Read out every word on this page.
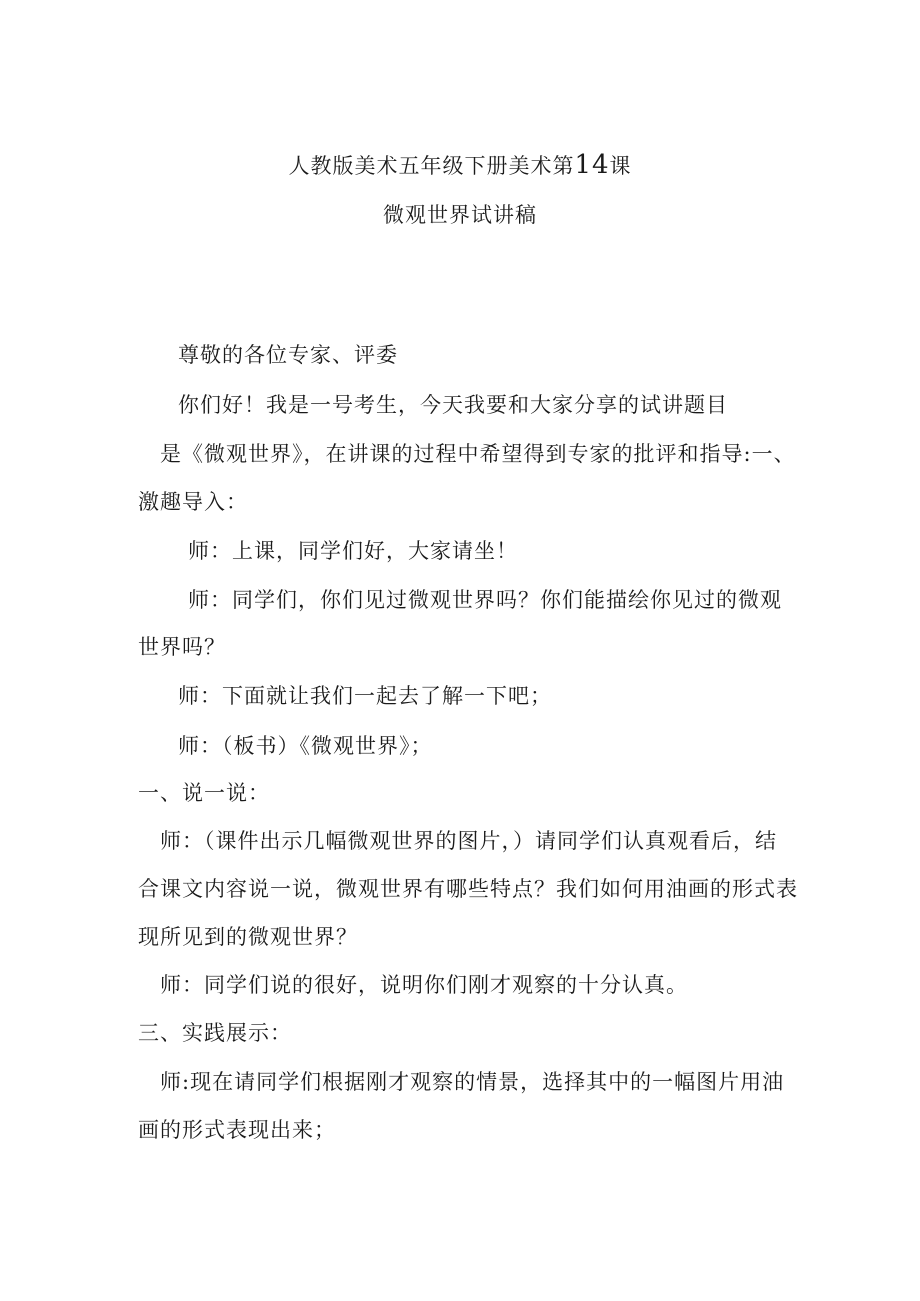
人教版美术五年级下册美术第14课
微观世界试讲稿
尊敬的各位专家、评委
你们好！我是一号考生，今天我要和大家分享的试讲题目
是《微观世界》，在讲课的过程中希望得到专家的批评和指导:一、
激趣导入：
师：上课，同学们好，大家请坐！
师：同学们，你们见过微观世界吗？你们能描绘你见过的微观
世界吗？
师：下面就让我们一起去了解一下吧；
师：（板书）《微观世界》；
一、说一说：
师：（课件出示几幅微观世界的图片，）请同学们认真观看后，结
合课文内容说一说，微观世界有哪些特点？我们如何用油画的形式表
现所见到的微观世界？
师：同学们说的很好，说明你们刚才观察的十分认真。
三、实践展示：
师:现在请同学们根据刚才观察的情景，选择其中的一幅图片用油
画的形式表现出来；
